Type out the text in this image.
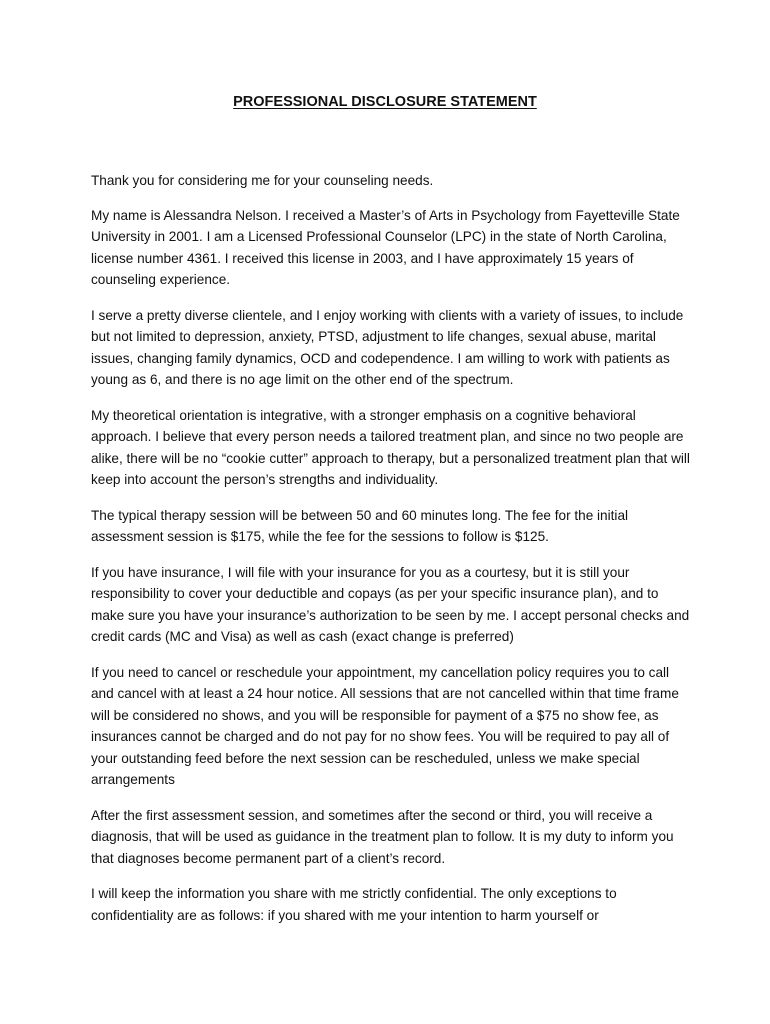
PROFESSIONAL DISCLOSURE STATEMENT

Thank you for considering me for your counseling needs.

My name is Alessandra Nelson. I received a Master’s of Arts in Psychology from Fayetteville State University in 2001. I am a Licensed Professional Counselor (LPC) in the state of North Carolina, license number 4361. I received this license in 2003, and I have approximately 15 years of counseling experience.

I serve a pretty diverse clientele, and I enjoy working with clients with a variety of issues, to include but not limited to depression, anxiety, PTSD, adjustment to life changes, sexual abuse, marital issues, changing family dynamics, OCD and codependence. I am willing to work with patients as young as 6, and there is no age limit on the other end of the spectrum.

My theoretical orientation is integrative, with a stronger emphasis on a cognitive behavioral approach. I believe that every person needs a tailored treatment plan, and since no two people are alike, there will be no “cookie cutter” approach to therapy, but a personalized treatment plan that will keep into account the person’s strengths and individuality.

The typical therapy session will be between 50 and 60 minutes long. The fee for the initial assessment session is $175, while the fee for the sessions to follow is $125.

If you have insurance, I will file with your insurance for you as a courtesy, but it is still your responsibility to cover your deductible and copays (as per your specific insurance plan), and to make sure you have your insurance’s authorization to be seen by me. I accept personal checks and credit cards (MC and Visa) as well as cash (exact change is preferred)

If you need to cancel or reschedule your appointment, my cancellation policy requires you to call and cancel with at least a 24 hour notice. All sessions that are not cancelled within that time frame will be considered no shows, and you will be responsible for payment of a $75 no show fee, as insurances cannot be charged and do not pay for no show fees. You will be required to pay all of your outstanding feed before the next session can be rescheduled, unless we make special arrangements

After the first assessment session, and sometimes after the second or third, you will receive a diagnosis, that will be used as guidance in the treatment plan to follow. It is my duty to inform you that diagnoses become permanent part of a client’s record.

I will keep the information you share with me strictly confidential. The only exceptions to confidentiality are as follows: if you shared with me your intention to harm yourself or
